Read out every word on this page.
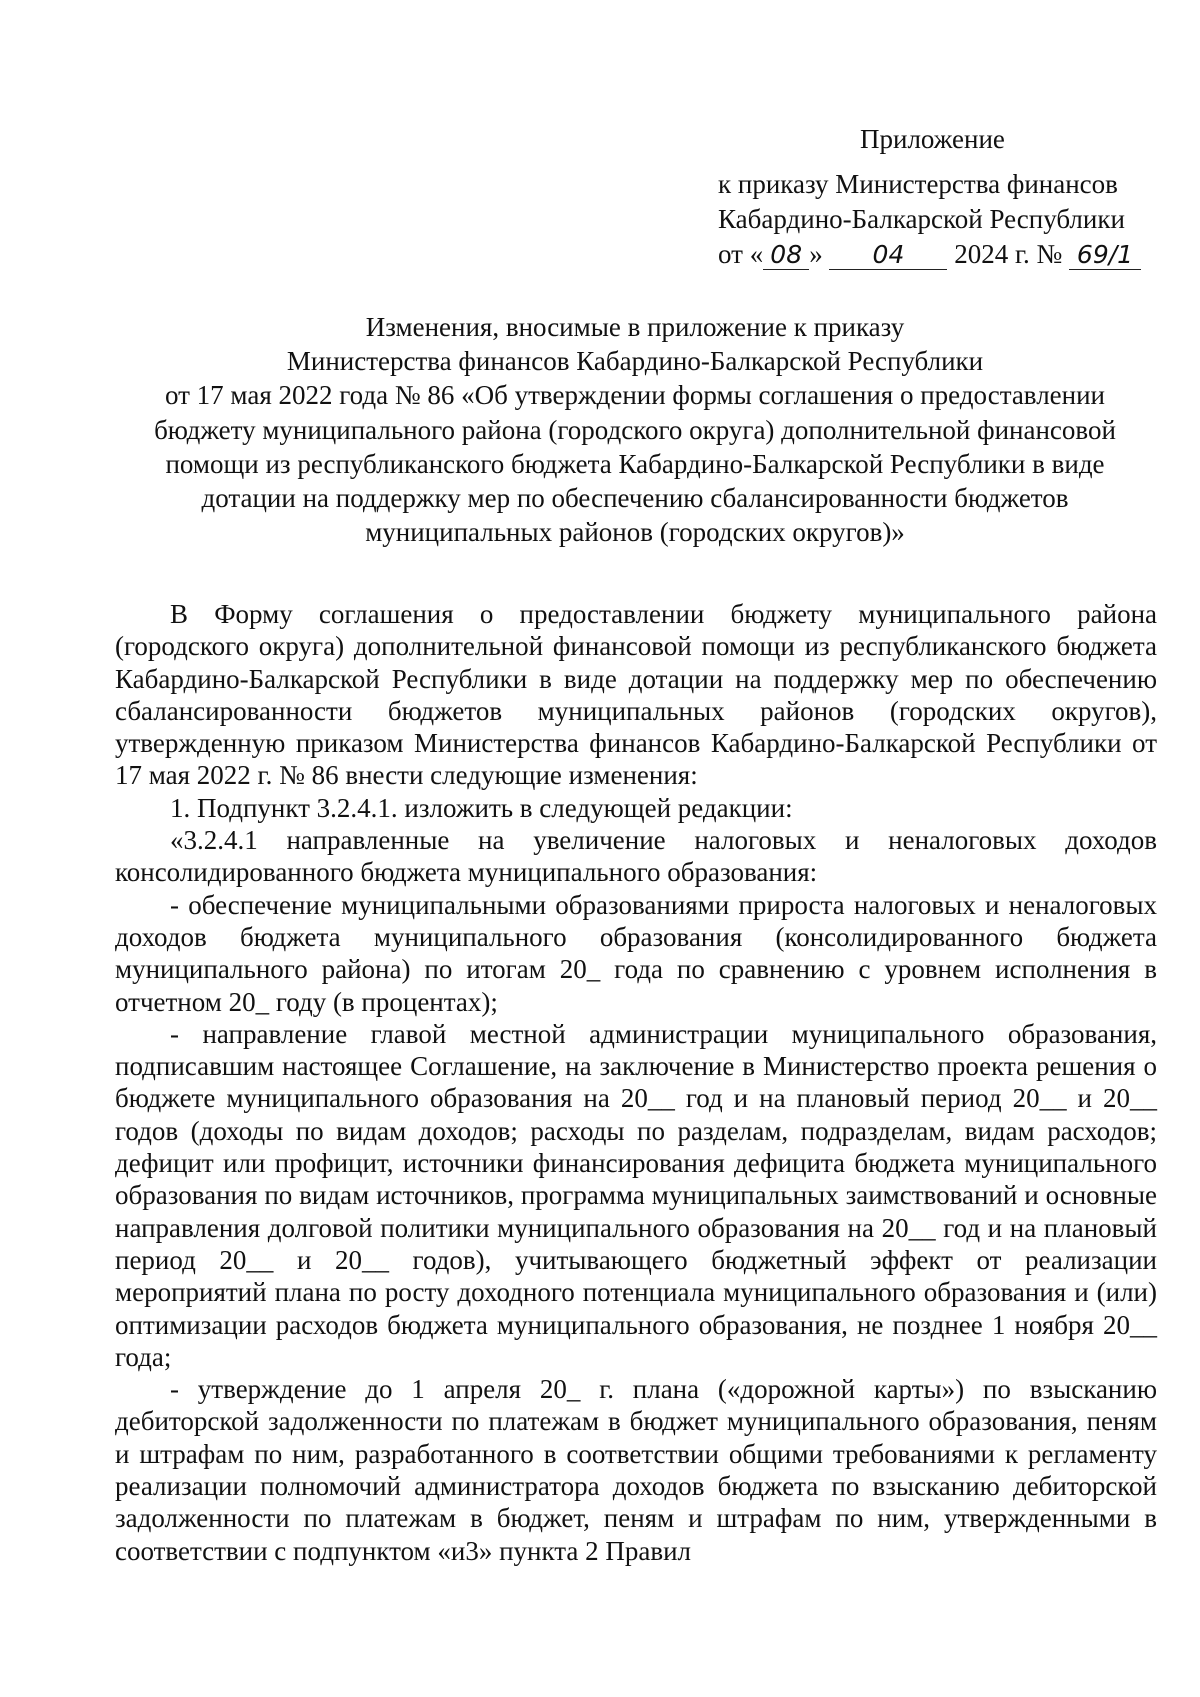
Приложение
к приказу Министерства финансов
Кабардино-Балкарской Республики
от « 08 » 04 2024 г. № 69/1
Изменения, вносимые в приложение к приказу
Министерства финансов Кабардино-Балкарской Республики
от 17 мая 2022 года № 86 «Об утверждении формы соглашения о предоставлении
бюджету муниципального района (городского округа) дополнительной финансовой
помощи из республиканского бюджета Кабардино-Балкарской Республики в виде
дотации на поддержку мер по обеспечению сбалансированности бюджетов
муниципальных районов (городских округов)»

В Форму соглашения о предоставлении бюджету муниципального района (городского округа) дополнительной финансовой помощи из республиканского бюджета Кабардино-Балкарской Республики в виде дотации на поддержку мер по обеспечению сбалансированности бюджетов муниципальных районов (городских округов), утвержденную приказом Министерства финансов Кабардино-Балкарской Республики от 17 мая 2022 г. № 86 внести следующие изменения:

1. Подпункт 3.2.4.1. изложить в следующей редакции:

«3.2.4.1 направленные на увеличение налоговых и неналоговых доходов консолидированного бюджета муниципального образования:

- обеспечение муниципальными образованиями прироста налоговых и неналоговых доходов бюджета муниципального образования (консолидированного бюджета муниципального района) по итогам 20_ года по сравнению с уровнем исполнения в отчетном 20_ году (в процентах);

- направление главой местной администрации муниципального образования, подписавшим настоящее Соглашение, на заключение в Министерство проекта решения о бюджете муниципального образования на 20__ год и на плановый период 20__ и 20__ годов (доходы по видам доходов; расходы по разделам, подразделам, видам расходов; дефицит или профицит, источники финансирования дефицита бюджета муниципального образования по видам источников, программа муниципальных заимствований и основные направления долговой политики муниципального образования на 20__ год и на плановый период 20__ и 20__ годов), учитывающего бюджетный эффект от реализации мероприятий плана по росту доходного потенциала муниципального образования и (или) оптимизации расходов бюджета муниципального образования, не позднее 1 ноября 20__ года;

- утверждение до 1 апреля 20_ г. плана («дорожной карты») по взысканию дебиторской задолженности по платежам в бюджет муниципального образования, пеням и штрафам по ним, разработанного в соответствии общими требованиями к регламенту реализации полномочий администратора доходов бюджета по взысканию дебиторской задолженности по платежам в бюджет, пеням и штрафам по ним, утвержденными в соответствии с подпунктом «и3» пункта 2 Правил
